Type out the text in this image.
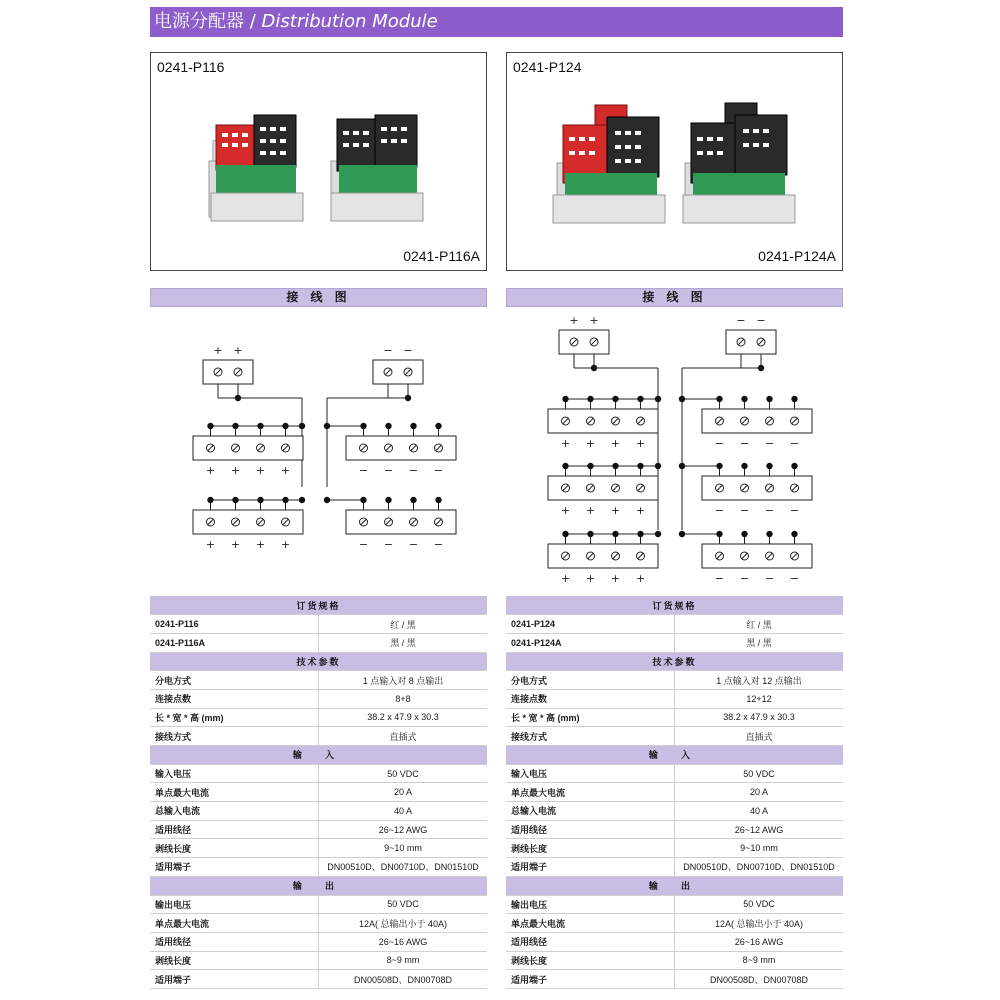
电源分配器 / Distribution Module
0241-P116
0241-P116A
0241-P124
0241-P124A
接 线 图	接 线 图
+ +
+ + + +
+ + + +
− −
− − − −
− − − −
+ +
+ + + +
+ + + +
+ + + +
− −
− − − −
− − − −
− − − −
订货规格	
0241-P116	红 / 黑
0241-P116A	黑 / 黑
技术参数	
分电方式	1 点输入对 8 点输出
连接点数	8+8
长 * 宽 * 高 (mm)	38.2 x 47.9 x 30.3
接线方式	直插式
输 入	
输入电压	50 VDC
单点最大电流	20 A
总输入电流	40 A
适用线径	26~12 AWG
剥线长度	9~10 mm
适用端子	DN00510D、DN00710D、DN01510D
输 出	
输出电压	50 VDC
单点最大电流	12A( 总输出小于 40A)
适用线径	26~16 AWG
剥线长度	8~9 mm
适用端子	DN00508D、DN00708D
订货规格	
0241-P124	红 / 黑
0241-P124A	黑 / 黑
技术参数	
分电方式	1 点输入对 12 点输出
连接点数	12+12
长 * 宽 * 高 (mm)	38.2 x 47.9 x 30.3
接线方式	直插式
输 入	
输入电压	50 VDC
单点最大电流	20 A
总输入电流	40 A
适用线径	26~12 AWG
剥线长度	9~10 mm
适用端子	DN00510D、DN00710D、DN01510D
输 出	
输出电压	50 VDC
单点最大电流	12A( 总输出小于 40A)
适用线径	26~16 AWG
剥线长度	8~9 mm
适用端子	DN00508D、DN00708D
